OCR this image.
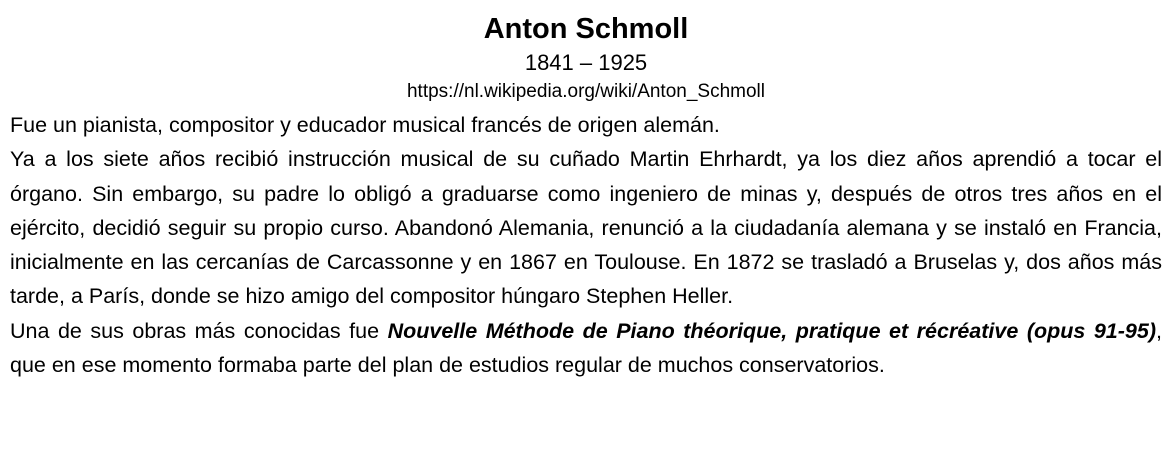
Anton Schmoll
1841 – 1925
https://nl.wikipedia.org/wiki/Anton_Schmoll

Fue un pianista, compositor y educador musical francés de origen alemán.

Ya a los siete años recibió instrucción musical de su cuñado Martin Ehrhardt, ya los diez años aprendió a tocar el órgano. Sin embargo, su padre lo obligó a graduarse como ingeniero de minas y, después de otros tres años en el ejército, decidió seguir su propio curso. Abandonó Alemania, renunció a la ciudadanía alemana y se instaló en Francia, inicialmente en las cercanías de Carcassonne y en 1867 en Toulouse. En 1872 se trasladó a Bruselas y, dos años más tarde, a París, donde se hizo amigo del compositor húngaro Stephen Heller.

Una de sus obras más conocidas fue Nouvelle Méthode de Piano théorique, pratique et récréative (opus 91-95), que en ese momento formaba parte del plan de estudios regular de muchos conservatorios.
